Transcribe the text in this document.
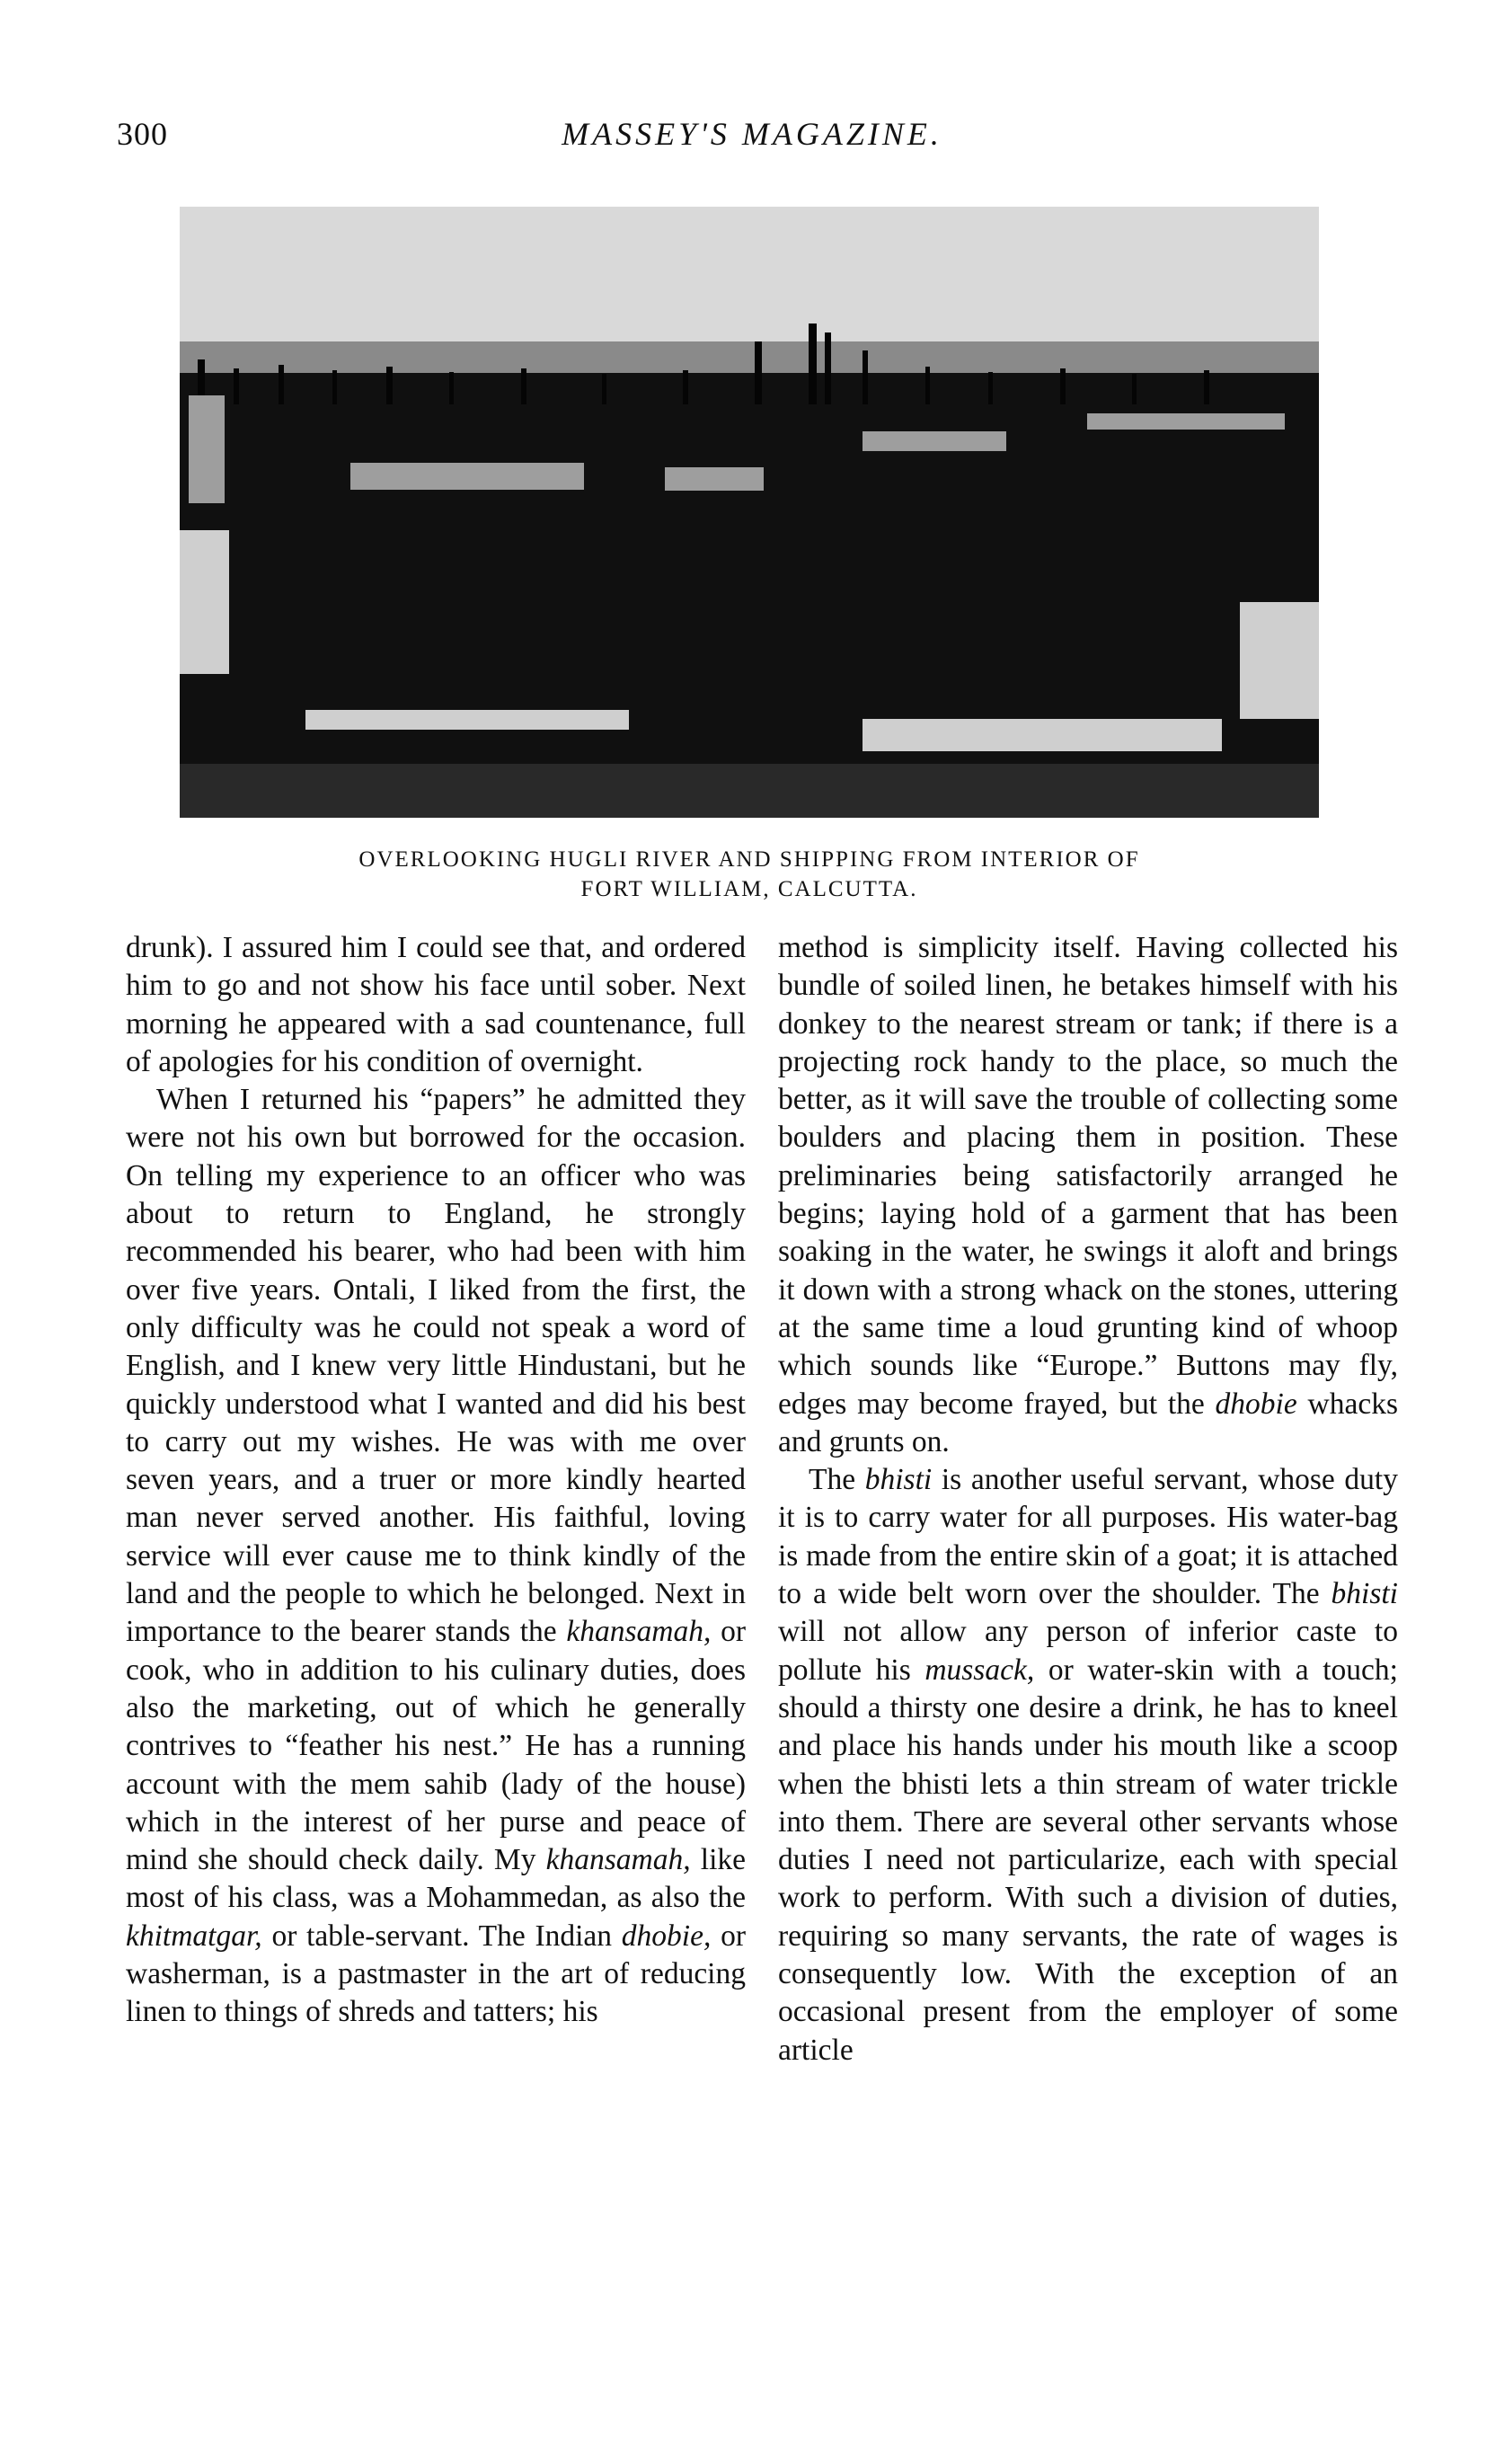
300	MASSEY'S MAGAZINE.
OVERLOOKING HUGLI RIVER AND SHIPPING FROM INTERIOR OF
FORT WILLIAM, CALCUTTA.

drunk). I assured him I could see that, and ordered him to go and not show his face until sober. Next morning he appeared with a sad countenance, full of apologies for his condition of overnight.

When I returned his “papers” he admitted they were not his own but borrowed for the occasion. On telling my experience to an officer who was about to return to England, he strongly recommended his bearer, who had been with him over five years. Ontali, I liked from the first, the only difficulty was he could not speak a word of English, and I knew very little Hindustani, but he quickly understood what I wanted and did his best to carry out my wishes. He was with me over seven years, and a truer or more kindly hearted man never served another. His faithful, loving service will ever cause me to think kindly of the land and the people to which he belonged. Next in importance to the bearer stands the khansamah, or cook, who in addition to his culinary duties, does also the marketing, out of which he generally contrives to “feather his nest.” He has a running account with the mem sahib (lady of the house) which in the interest of her purse and peace of mind she should check daily. My khansamah, like most of his class, was a Mohammedan, as also the khitmatgar, or table-servant. The Indian dhobie, or washerman, is a pastmaster in the art of reducing linen to things of shreds and tatters; his

method is simplicity itself. Having collected his bundle of soiled linen, he betakes himself with his donkey to the nearest stream or tank; if there is a projecting rock handy to the place, so much the better, as it will save the trouble of collecting some boulders and placing them in position. These preliminaries being satisfactorily arranged he begins; laying hold of a garment that has been soaking in the water, he swings it aloft and brings it down with a strong whack on the stones, uttering at the same time a loud grunting kind of whoop which sounds like “Europe.” Buttons may fly, edges may become frayed, but the dhobie whacks and grunts on.

The bhisti is another useful servant, whose duty it is to carry water for all purposes. His water-bag is made from the entire skin of a goat; it is attached to a wide belt worn over the shoulder. The bhisti will not allow any person of inferior caste to pollute his mussack, or water-skin with a touch; should a thirsty one desire a drink, he has to kneel and place his hands under his mouth like a scoop when the bhisti lets a thin stream of water trickle into them. There are several other servants whose duties I need not particularize, each with special work to perform. With such a division of duties, requiring so many servants, the rate of wages is consequently low. With the exception of an occasional present from the employer of some article
